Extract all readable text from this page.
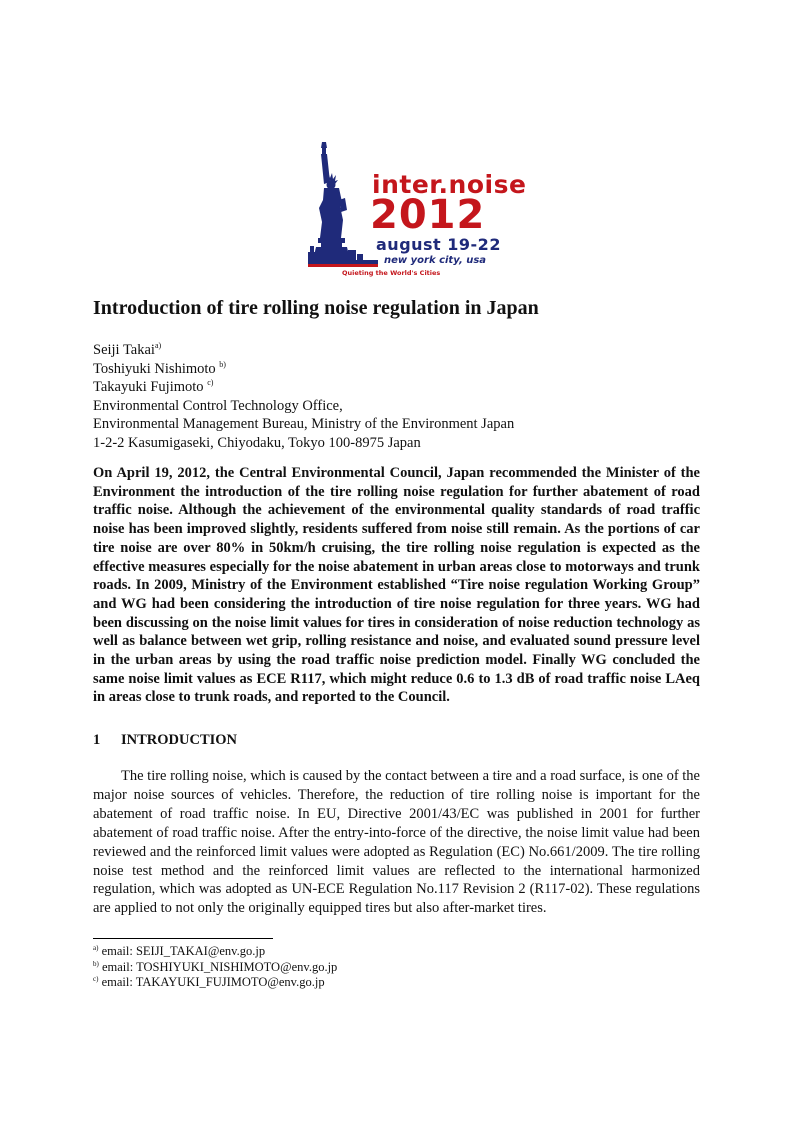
inter.noise
2012
august 19-22
new york city, usa
Quieting the World's Cities
Introduction of tire rolling noise regulation in Japan
Seiji Takai$^{a)}$
Toshiyuki Nishimoto $^{b)}$
Takayuki Fujimoto $^{c)}$
Environmental Control Technology Office,
Environmental Management Bureau, Ministry of the Environment Japan
1-2-2 Kasumigaseki, Chiyodaku, Tokyo 100-8975 Japan
On April 19, 2012, the Central Environmental Council, Japan recommended the Minister of the Environment the introduction of the tire rolling noise regulation for further abatement of road traffic noise. Although the achievement of the environmental quality standards of road traffic noise has been improved slightly, residents suffered from noise still remain. As the portions of car tire noise are over 80% in 50km/h cruising, the tire rolling noise regulation is expected as the effective measures especially for the noise abatement in urban areas close to motorways and trunk roads. In 2009, Ministry of the Environment established “Tire noise regulation Working Group” and WG had been considering the introduction of tire noise regulation for three years. WG had been discussing on the noise limit values for tires in consideration of noise reduction technology as well as balance between wet grip, rolling resistance and noise, and evaluated sound pressure level in the urban areas by using the road traffic noise prediction model. Finally WG concluded the same noise limit values as ECE R117, which might reduce 0.6 to 1.3 dB of road traffic noise LAeq in areas close to trunk roads, and reported to the Council.
1 INTRODUCTION
The tire rolling noise, which is caused by the contact between a tire and a road surface, is one of the major noise sources of vehicles. Therefore, the reduction of tire rolling noise is important for the abatement of road traffic noise. In EU, Directive 2001/43/EC was published in 2001 for further abatement of road traffic noise. After the entry-into-force of the directive, the noise limit value had been reviewed and the reinforced limit values were adopted as Regulation (EC) No.661/2009. The tire rolling noise test method and the reinforced limit values are reflected to the international harmonized regulation, which was adopted as UN-ECE Regulation No.117 Revision 2 (R117-02). These regulations are applied to not only the originally equipped tires but also after-market tires.
$^{a)}$ email: SEIJI_TAKAI@env.go.jp
$^{b)}$ email: TOSHIYUKI_NISHIMOTO@env.go.jp
$^{c)}$ email: TAKAYUKI_FUJIMOTO@env.go.jp
